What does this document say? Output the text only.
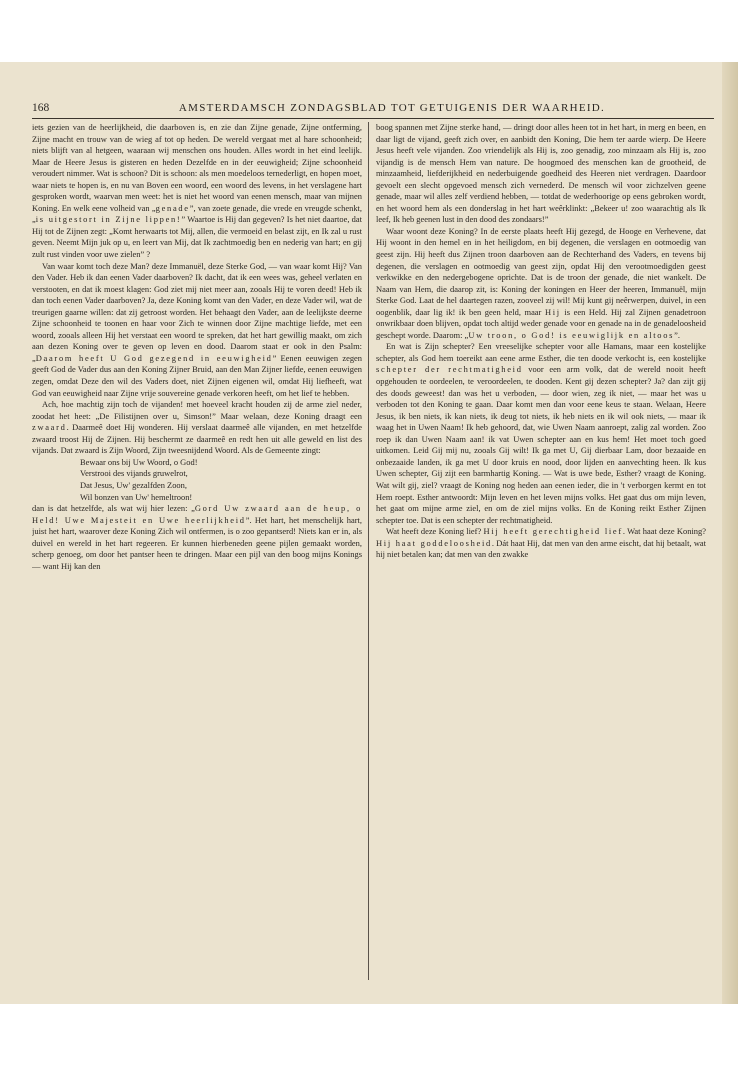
168	AMSTERDAMSCH ZONDAGSBLAD TOT GETUIGENIS DER WAARHEID.

iets gezien van de heerlijkheid, die daarboven is, en zie dan Zijne genade, Zijne ontferming, Zijne macht en trouw van de wieg af tot op heden. De wereld vergaat met al hare schoonheid; niets blijft van al hetgeen, waaraan wij menschen ons houden. Alles wordt in het eind leelijk. Maar de Heere Jesus is gisteren en heden Dezelfde en in der eeuwigheid; Zijne schoonheid veroudert nimmer. Wat is schoon? Dit is schoon: als men moedeloos ternederligt, en hopen moet, waar niets te hopen is, en nu van Boven een woord, een woord des levens, in het verslagene hart gesproken wordt, waarvan men weet: het is niet het woord van eenen mensch, maar van mijnen Koning. En welk eene volheid van „genade”, van zoete genade, die vrede en vreugde schenkt, „is uitgestort in Zijne lippen!” Waartoe is Hij dan gegeven? Is het niet daartoe, dat Hij tot de Zijnen zegt: „Komt herwaarts tot Mij, allen, die vermoeid en belast zijt, en Ik zal u rust geven. Neemt Mijn juk op u, en leert van Mij, dat Ik zachtmoedig ben en nederig van hart; en gij zult rust vinden voor uwe zielen” ?

Van waar komt toch deze Man? deze Immanuël, deze Sterke God, — van waar komt Hij? Van den Vader. Heb ik dan eenen Vader daarboven? Ik dacht, dat ik een wees was, geheel verlaten en verstooten, en dat ik moest klagen: God ziet mij niet meer aan, zooals Hij te voren deed! Heb ik dan toch eenen Vader daarboven? Ja, deze Koning komt van den Vader, en deze Vader wil, wat de treurigen gaarne willen: dat zij getroost worden. Het behaagt den Vader, aan de leelijkste deerne Zijne schoonheid te toonen en haar voor Zich te winnen door Zijne machtige liefde, met een woord, zooals alleen Hij het verstaat een woord te spreken, dat het hart gewillig maakt, om zich aan dezen Koning over te geven op leven en dood. Daarom staat er ook in den Psalm: „Daarom heeft U God gezegend in eeuwigheid” Eenen eeuwigen zegen geeft God de Vader dus aan den Koning Zijner Bruid, aan den Man Zijner liefde, eenen eeuwigen zegen, omdat Deze den wil des Vaders doet, niet Zijnen eigenen wil, omdat Hij liefheeft, wat God van eeuwigheid naar Zijne vrije souvereine genade verkoren heeft, om het lief te hebben.

Ach, hoe machtig zijn toch de vijanden! met hoeveel kracht houden zij de arme ziel neder, zoodat het heet: „De Filistijnen over u, Simson!” Maar welaan, deze Koning draagt een zwaard. Daarmeê doet Hij wonderen. Hij verslaat daarmeê alle vijanden, en met hetzelfde zwaard troost Hij de Zijnen. Hij beschermt ze daarmeê en redt hen uit alle geweld en list des vijands. Dat zwaard is Zijn Woord, Zijn tweesnijdend Woord. Als de Gemeente zingt:

Bewaar ons bij Uw Woord, o God!
Verstrooi des vijands gruwelrot,
Dat Jesus, Uw' gezalfden Zoon,
Wil bonzen van Uw' hemeltroon!

dan is dat hetzelfde, als wat wij hier lezen: „Gord Uw zwaard aan de heup, o Held! Uwe Majesteit en Uwe heerlijkheid”. Het hart, het menschelijk hart, juist het hart, waarover deze Koning Zich wil ontfermen, is o zoo gepantserd! Niets kan er in, als duivel en wereld in het hart regeeren. Er kunnen hierbeneden geene pijlen gemaakt worden, scherp genoeg, om door het pantser heen te dringen. Maar een pijl van den boog mijns Konings — want Hij kan den

boog spannen met Zijne sterke hand, — dringt door alles heen tot in het hart, in merg en been, en daar ligt de vijand, geeft zich over, en aanbidt den Koning, Die hem ter aarde wierp. De Heere Jesus heeft vele vijanden. Zoo vriendelijk als Hij is, zoo genadig, zoo minzaam als Hij is, zoo vijandig is de mensch Hem van nature. De hoogmoed des menschen kan de grootheid, de minzaamheid, liefderijkheid en nederbuigende goedheid des Heeren niet verdragen. Daardoor gevoelt een slecht opgevoed mensch zich vernederd. De mensch wil voor zichzelven geene genade, maar wil alles zelf verdiend hebben, — totdat de wederhoorige op eens gebroken wordt, en het woord hem als een donderslag in het hart weêrklinkt: „Bekeer u! zoo waarachtig als Ik leef, Ik heb geenen lust in den dood des zondaars!”

Waar woont deze Koning? In de eerste plaats heeft Hij gezegd, de Hooge en Verhevene, dat Hij woont in den hemel en in het heiligdom, en bij degenen, die verslagen en ootmoedig van geest zijn. Hij heeft dus Zijnen troon daarboven aan de Rechterhand des Vaders, en tevens bij degenen, die verslagen en ootmoedig van geest zijn, opdat Hij den verootmoedigden geest verkwikke en den nedergebogene oprichte. Dat is de troon der genade, die niet wankelt. De Naam van Hem, die daarop zit, is: Koning der koningen en Heer der heeren, Immanuël, mijn Sterke God. Laat de hel daartegen razen, zooveel zij wil! Mij kunt gij neêrwerpen, duivel, in een oogenblik, daar lig ik! ik ben geen held, maar Hij is een Held. Hij zal Zijnen genadetroon onwrikbaar doen blijven, opdat toch altijd weder genade voor en genade na in de genadeloosheid geschept worde. Daarom: „Uw troon, o God! is eeuwiglijk en altoos”.

En wat is Zijn schepter? Een vreeselijke schepter voor alle Hamans, maar een kostelijke schepter, als God hem toereikt aan eene arme Esther, die ten doode verkocht is, een kostelijke schepter der rechtmatigheid voor een arm volk, dat de wereld nooit heeft opgehouden te oordeelen, te veroordeelen, te dooden. Kent gij dezen schepter? Ja? dan zijt gij des doods geweest! dan was het u verboden, — door wien, zeg ik niet, — maar het was u verboden tot den Koning te gaan. Daar komt men dan voor eene keus te staan. Welaan, Heere Jesus, ik ben niets, ik kan niets, ik deug tot niets, ik heb niets en ik wil ook niets, — maar ik waag het in Uwen Naam! Ik heb gehoord, dat, wie Uwen Naam aanroept, zalig zal worden. Zoo roep ik dan Uwen Naam aan! ik vat Uwen schepter aan en kus hem! Het moet toch goed uitkomen. Leid Gij mij nu, zooals Gij wilt! Ik ga met U, Gij dierbaar Lam, door bezaaide en onbezaaide landen, ik ga met U door kruis en nood, door lijden en aanvechting heen. Ik kus Uwen schepter, Gij zijt een barmhartig Koning. — Wat is uwe bede, Esther? vraagt de Koning. Wat wilt gij, ziel? vraagt de Koning nog heden aan eenen ieder, die in 't verborgen kermt en tot Hem roept. Esther antwoordt: Mijn leven en het leven mijns volks. Het gaat dus om mijn leven, het gaat om mijne arme ziel, en om de ziel mijns volks. En de Koning reikt Esther Zijnen schepter toe. Dat is een schepter der rechtmatigheid.

Wat heeft deze Koning lief? Hij heeft gerechtigheid lief. Wat haat deze Koning? Hij haat goddeloosheid. Dát haat Hij, dat men van den arme eischt, dat hij betaalt, wat hij niet betalen kan; dat men van den zwakke
